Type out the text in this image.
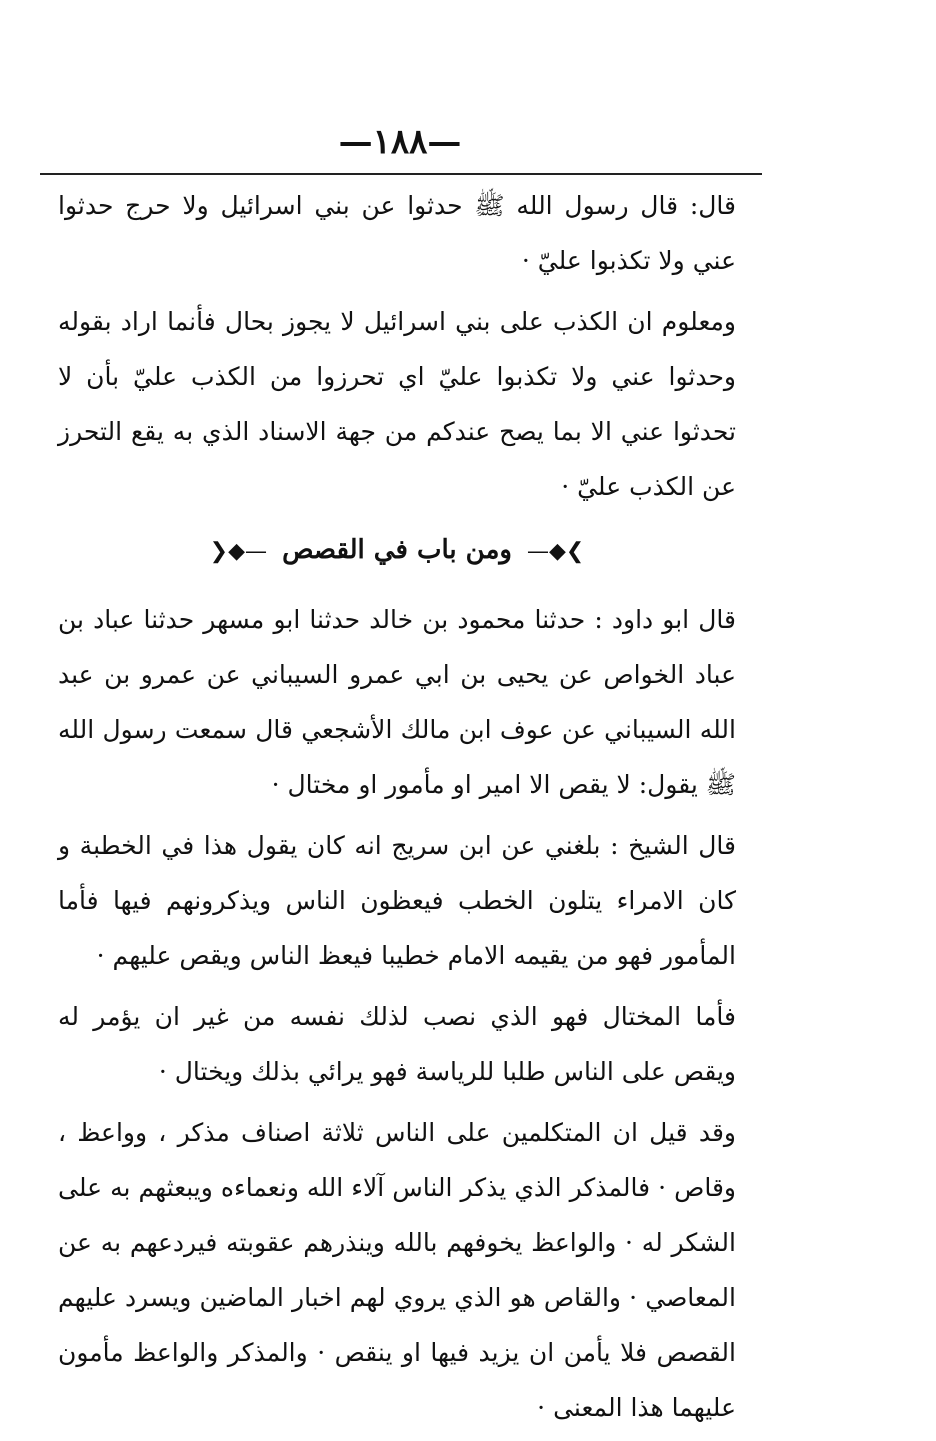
—١٨٨—

قال: قال رسول الله ﷺ حدثوا عن بني اسرائيل ولا حرج حدثوا عني ولا تكذبوا عليّ ·

ومعلوم ان الكذب على بني اسرائيل لا يجوز بحال فأنما اراد بقوله وحدثوا عني ولا تكذبوا عليّ اي تحرزوا من الكذب عليّ بأن لا تحدثوا عني الا بما يصح عندكم من جهة الاسناد الذي به يقع التحرز عن الكذب عليّ ·

❯◆— ومن باب في القصص —◆❮

قال ابو داود : حدثنا محمود بن خالد حدثنا ابو مسهر حدثنا عباد بن عباد الخواص عن يحيى بن ابي عمرو السيباني عن عمرو بن عبد الله السيباني عن عوف ابن مالك الأشجعي قال سمعت رسول الله ﷺ يقول: لا يقص الا امير او مأمور او مختال ·

قال الشيخ : بلغني عن ابن سريج انه كان يقول هذا في الخطبة و كان الامراء يتلون الخطب فيعظون الناس ويذكرونهم فيها فأما المأمور فهو من يقيمه الامام خطيبا فيعظ الناس ويقص عليهم ·

فأما المختال فهو الذي نصب لذلك نفسه من غير ان يؤمر له ويقص على الناس طلبا للرياسة فهو يرائي بذلك ويختال ·

وقد قيل ان المتكلمين على الناس ثلاثة اصناف مذكر ، وواعظ ، وقاص · فالمذكر الذي يذكر الناس آلاء الله ونعماءه ويبعثهم به على الشكر له · والواعظ يخوفهم بالله وينذرهم عقوبته فيردعهم به عن المعاصي · والقاص هو الذي يروي لهم اخبار الماضين ويسرد عليهم القصص فلا يأمن ان يزيد فيها او ينقص · والمذكر والواعظ مأمون عليهما هذا المعنى ·
